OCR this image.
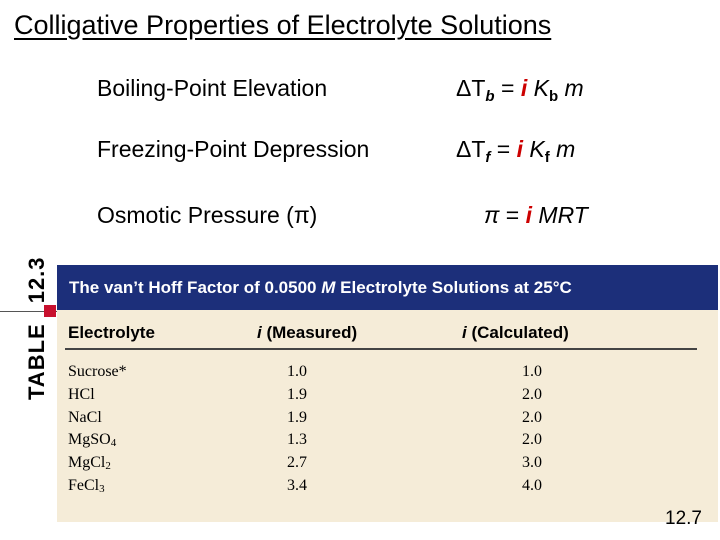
Colligative Properties of Electrolyte Solutions
Boiling-Point Elevation	$\Delta T_b = i$ $K_b$ m
Freezing-Point Depression	$\Delta T_f = i$ $K_f$ m
Osmotic Pressure (π)	π = i MRT
TABLE
12.3	The van’t Hoff Factor of 0.0500 M Electrolyte Solutions at 25°C
Electrolyte	i (Measured)	i (Calculated)
Sucrose*	1.0	1.0
HCl	1.9	2.0
NaCl	1.9	2.0
MgSO$_4$	1.3	2.0
MgCl$_2$	2.7	3.0
FeCl$_3$	3.4	4.0
12.7
